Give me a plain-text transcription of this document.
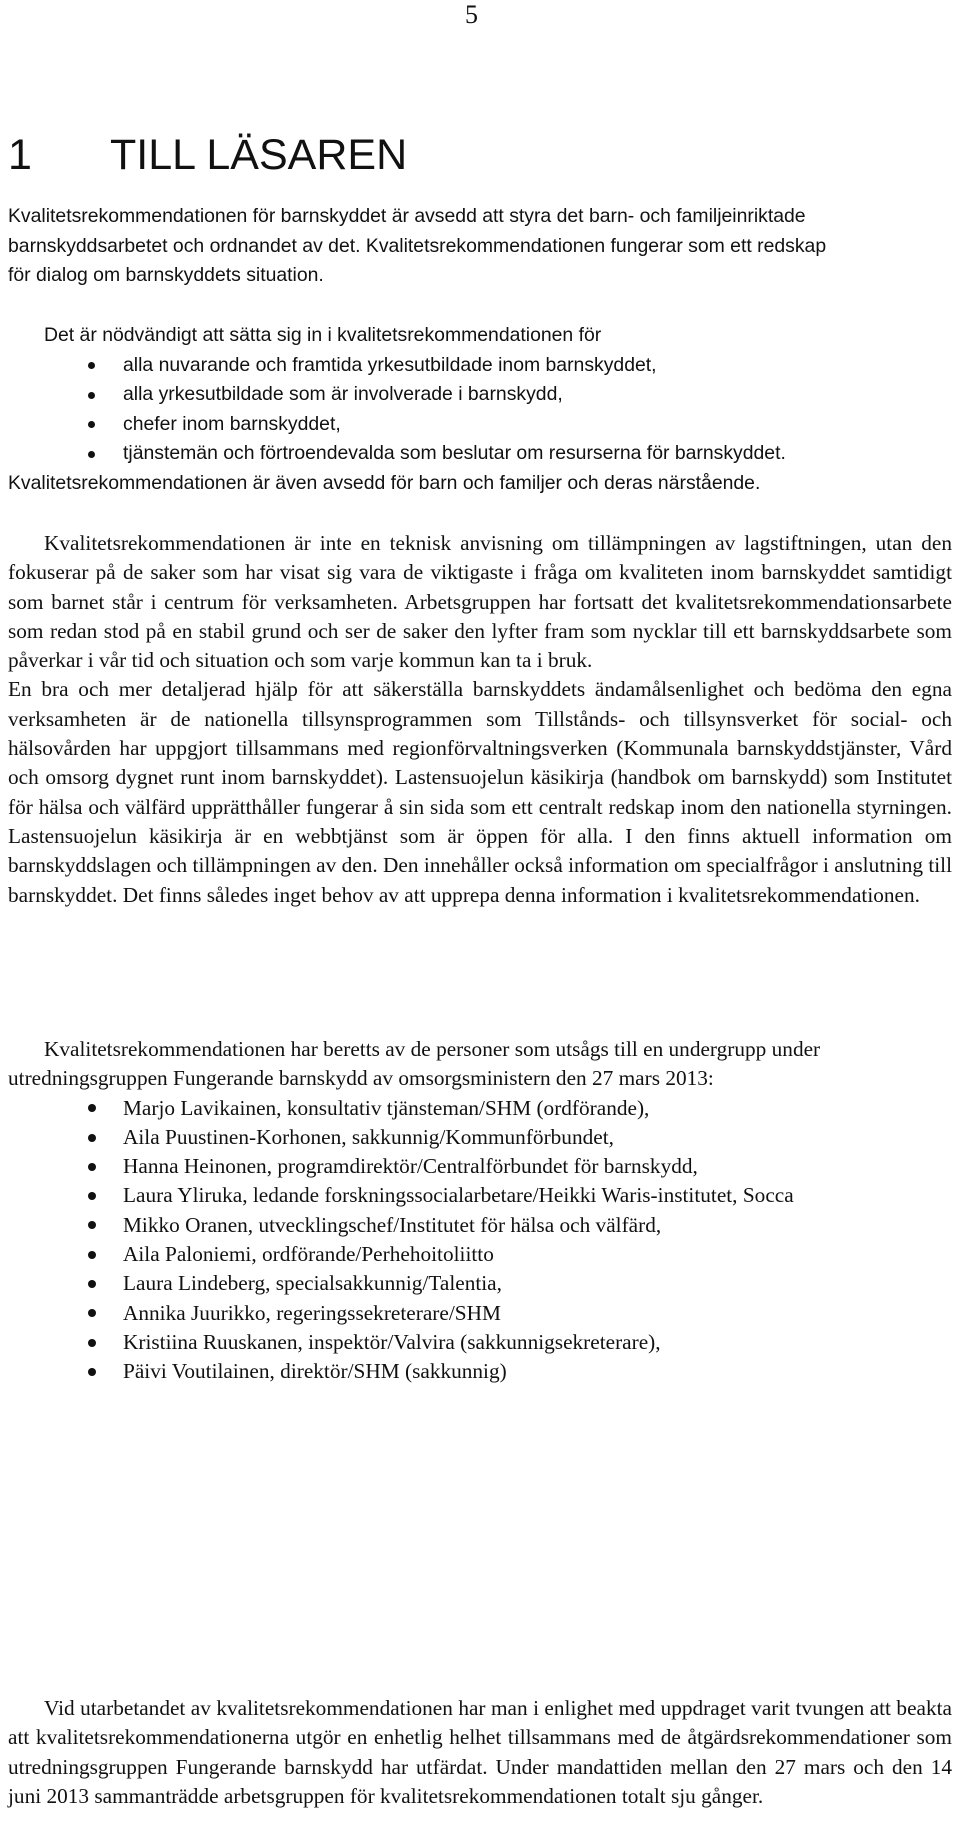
5
1 TILL LÄSAREN
Kvalitetsrekommendationen för barnskyddet är avsedd att styra det barn- och familjeinriktade
barnskyddsarbetet och ordnandet av det. Kvalitetsrekommendationen fungerar som ett redskap
för dialog om barnskyddets situation.
Det är nödvändigt att sätta sig in i kvalitetsrekommendationen för
alla nuvarande och framtida yrkesutbildade inom barnskyddet,
alla yrkesutbildade som är involverade i barnskydd,
chefer inom barnskyddet,
tjänstemän och förtroendevalda som beslutar om resurserna för barnskyddet.
Kvalitetsrekommendationen är även avsedd för barn och familjer och deras närstående.

Kvalitetsrekommendationen är inte en teknisk anvisning om tillämpningen av lagstiftningen, utan den fokuserar på de saker som har visat sig vara de viktigaste i fråga om kvaliteten inom barnskyddet samtidigt som barnet står i centrum för verksamheten. Arbetsgruppen har fortsatt det kvalitetsrekommendationsarbete som redan stod på en stabil grund och ser de saker den lyfter fram som nycklar till ett barnskyddsarbete som påverkar i vår tid och situation och som varje kommun kan ta i bruk.

En bra och mer detaljerad hjälp för att säkerställa barnskyddets ändamålsenlighet och bedöma den egna verksamheten är de nationella tillsynsprogrammen som Tillstånds- och tillsynsverket för social- och hälsovården har uppgjort tillsammans med regionförvaltningsverken (Kommunala barnskyddstjänster, Vård och omsorg dygnet runt inom barnskyddet). Lastensuojelun käsikirja (handbok om barnskydd) som Institutet för hälsa och välfärd upprätthåller fungerar å sin sida som ett centralt redskap inom den nationella styrningen. Lastensuojelun käsikirja är en webbtjänst som är öppen för alla. I den finns aktuell information om barnskyddslagen och tillämpningen av den. Den innehåller också information om specialfrågor i anslutning till barnskyddet. Det finns således inget behov av att upprepa denna information i kvalitetsrekommendationen.

Kvalitetsrekommendationen har beretts av de personer som utsågs till en undergrupp under
utredningsgruppen Fungerande barnskydd av omsorgsministern den 27 mars 2013:
Marjo Lavikainen, konsultativ tjänsteman/SHM (ordförande),
Aila Puustinen-Korhonen, sakkunnig/Kommunförbundet,
Hanna Heinonen, programdirektör/Centralförbundet för barnskydd,
Laura Yliruka, ledande forskningssocialarbetare/Heikki Waris-institutet, Socca
Mikko Oranen, utvecklingschef/Institutet för hälsa och välfärd,
Aila Paloniemi, ordförande/Perhehoitoliitto
Laura Lindeberg, specialsakkunnig/Talentia,
Annika Juurikko, regeringssekreterare/SHM
Kristiina Ruuskanen, inspektör/Valvira (sakkunnigsekreterare),
Päivi Voutilainen, direktör/SHM (sakkunnig)

Vid utarbetandet av kvalitetsrekommendationen har man i enlighet med uppdraget varit tvungen att beakta att kvalitetsrekommendationerna utgör en enhetlig helhet tillsammans med de åtgärdsrekommendationer som utredningsgruppen Fungerande barnskydd har utfärdat. Under mandattiden mellan den 27 mars och den 14 juni 2013 sammanträdde arbetsgruppen för kvalitetsrekommendationen totalt sju gånger.
